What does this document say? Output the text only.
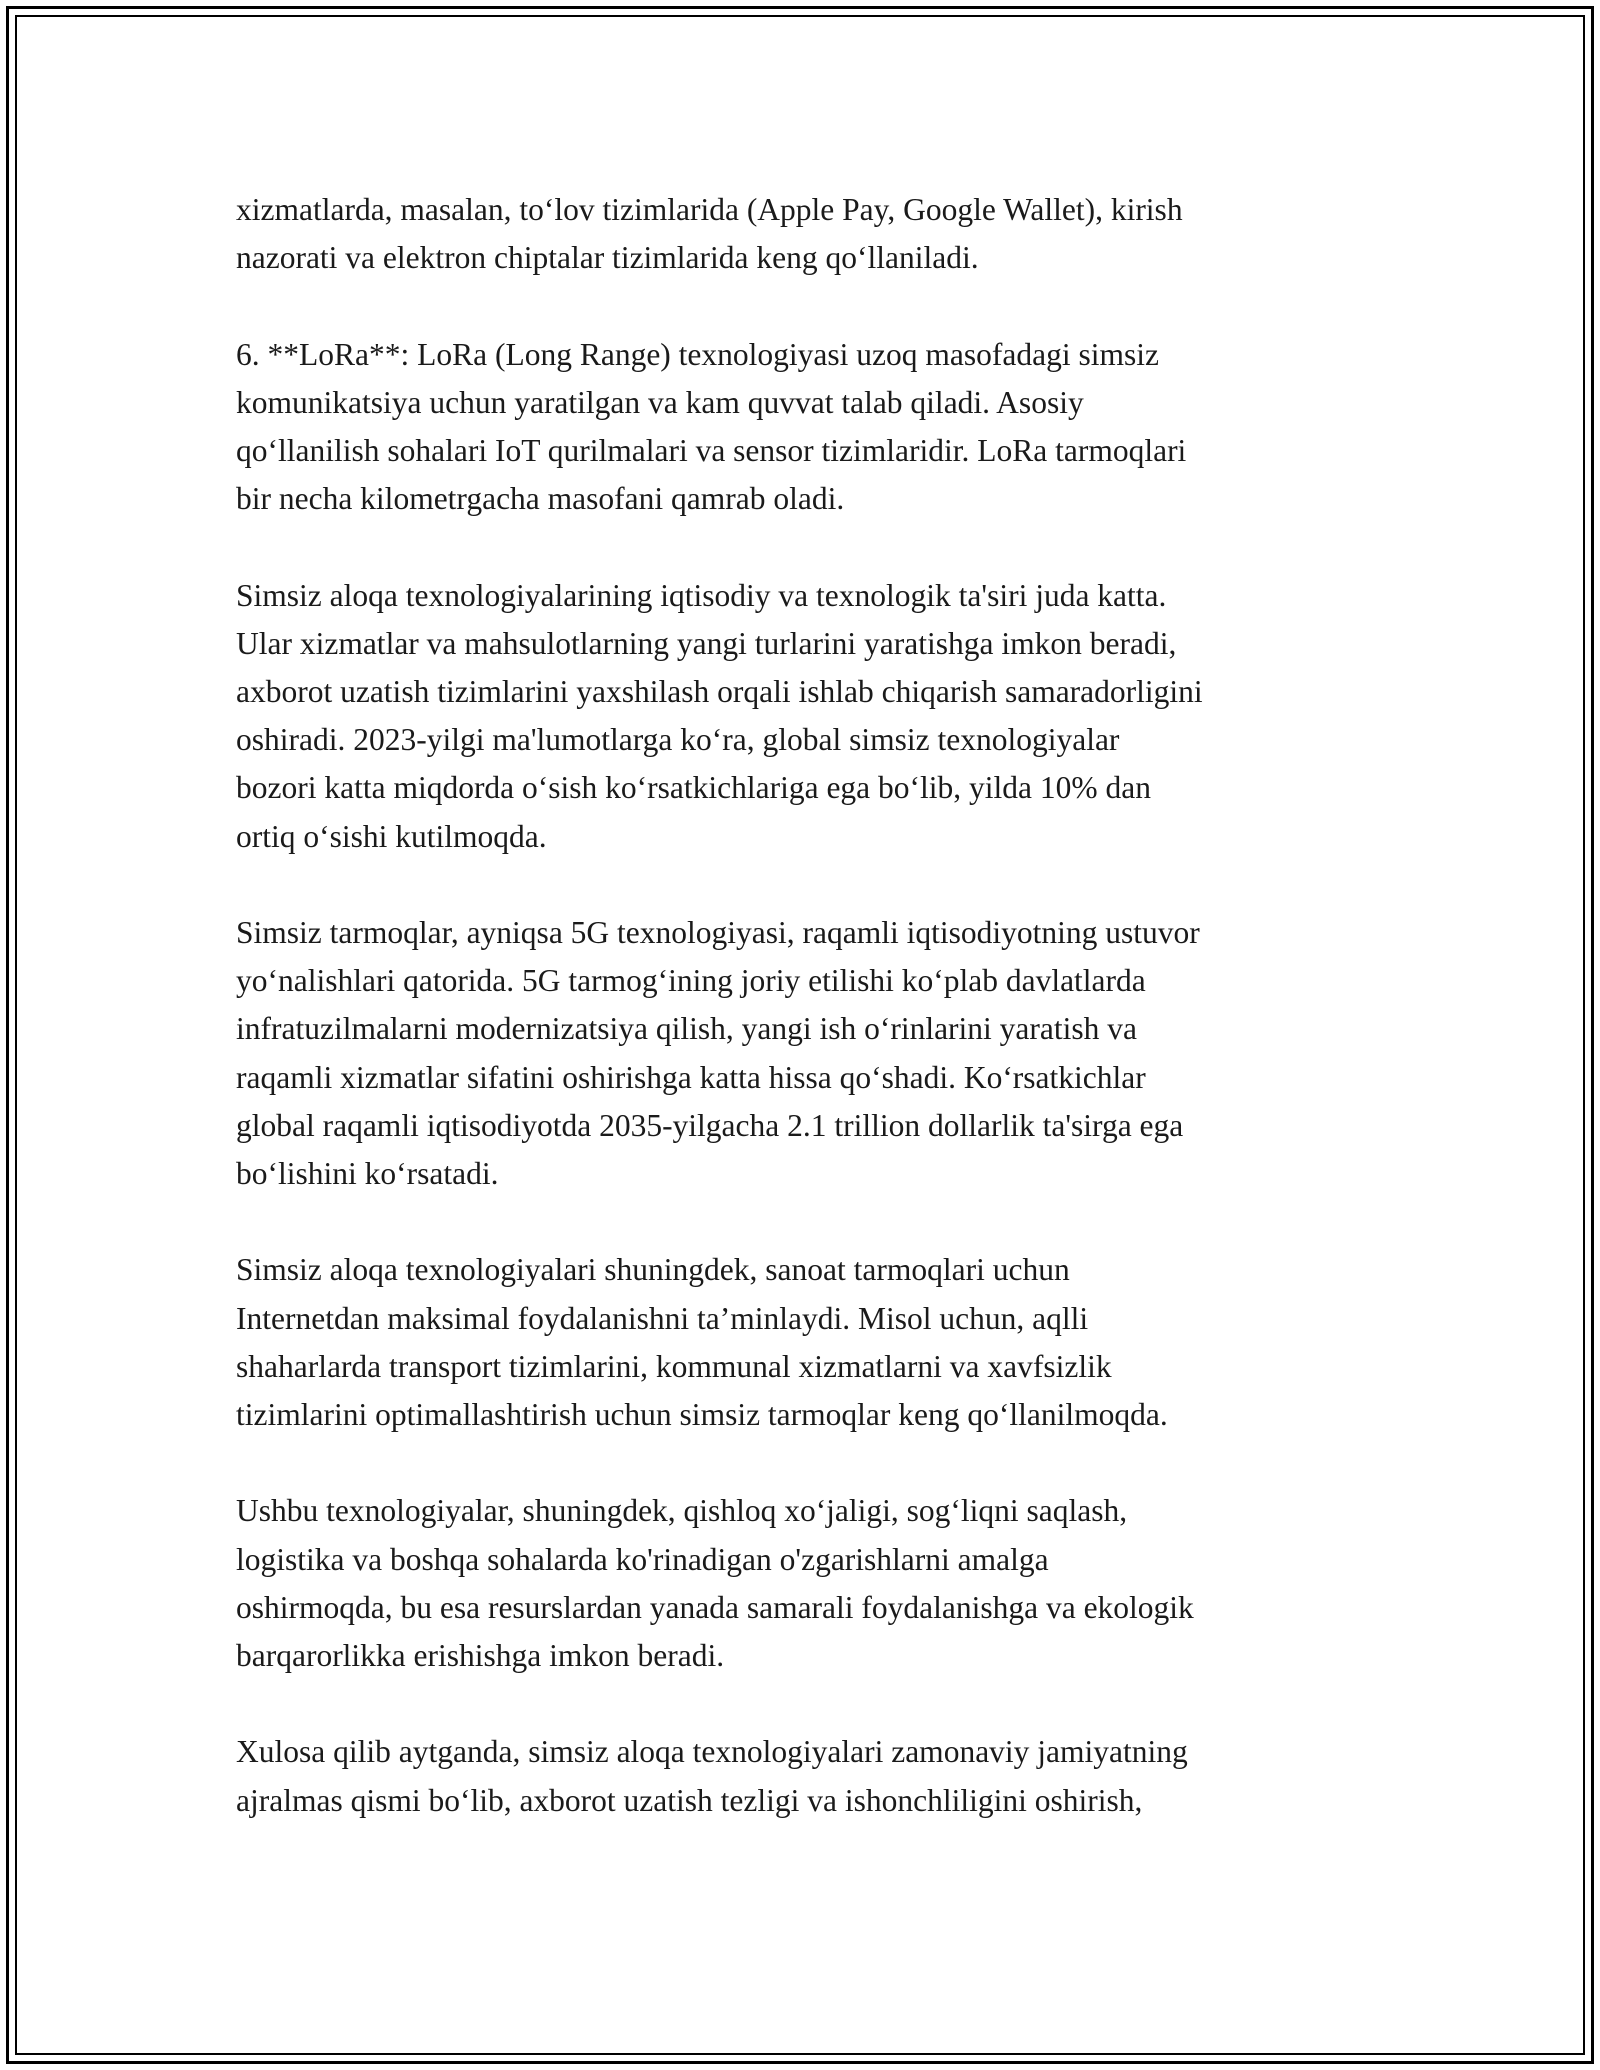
xizmatlarda, masalan, to‘lov tizimlarida (Apple Pay, Google Wallet), kirish
nazorati va elektron chiptalar tizimlarida keng qo‘llaniladi.

6. **LoRa**: LoRa (Long Range) texnologiyasi uzoq masofadagi simsiz
komunikatsiya uchun yaratilgan va kam quvvat talab qiladi. Asosiy
qo‘llanilish sohalari IoT qurilmalari va sensor tizimlaridir. LoRa tarmoqlari
bir necha kilometrgacha masofani qamrab oladi.

Simsiz aloqa texnologiyalarining iqtisodiy va texnologik ta'siri juda katta.
Ular xizmatlar va mahsulotlarning yangi turlarini yaratishga imkon beradi,
axborot uzatish tizimlarini yaxshilash orqali ishlab chiqarish samaradorligini
oshiradi. 2023-yilgi ma'lumotlarga ko‘ra, global simsiz texnologiyalar
bozori katta miqdorda o‘sish ko‘rsatkichlariga ega bo‘lib, yilda 10% dan
ortiq o‘sishi kutilmoqda.

Simsiz tarmoqlar, ayniqsa 5G texnologiyasi, raqamli iqtisodiyotning ustuvor
yo‘nalishlari qatorida. 5G tarmog‘ining joriy etilishi ko‘plab davlatlarda
infratuzilmalarni modernizatsiya qilish, yangi ish o‘rinlarini yaratish va
raqamli xizmatlar sifatini oshirishga katta hissa qo‘shadi. Ko‘rsatkichlar
global raqamli iqtisodiyotda 2035-yilgacha 2.1 trillion dollarlik ta'sirga ega
bo‘lishini ko‘rsatadi.

Simsiz aloqa texnologiyalari shuningdek, sanoat tarmoqlari uchun
Internetdan maksimal foydalanishni ta’minlaydi. Misol uchun, aqlli
shaharlarda transport tizimlarini, kommunal xizmatlarni va xavfsizlik
tizimlarini optimallashtirish uchun simsiz tarmoqlar keng qo‘llanilmoqda.

Ushbu texnologiyalar, shuningdek, qishloq xo‘jaligi, sog‘liqni saqlash,
logistika va boshqa sohalarda ko'rinadigan o'zgarishlarni amalga
oshirmoqda, bu esa resurslardan yanada samarali foydalanishga va ekologik
barqarorlikka erishishga imkon beradi.

Xulosa qilib aytganda, simsiz aloqa texnologiyalari zamonaviy jamiyatning
ajralmas qismi bo‘lib, axborot uzatish tezligi va ishonchliligini oshirish,
